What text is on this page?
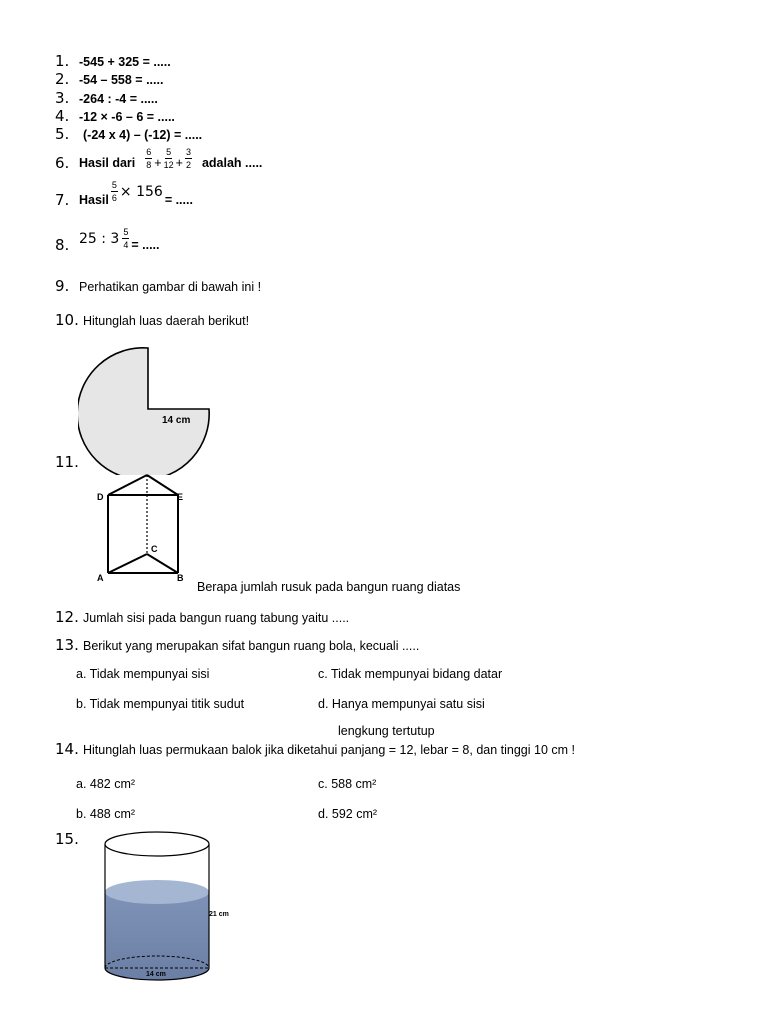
1. -545 + 325 = .....
2. -54 – 558 = .....
3. -264 : -4 = .....
4. -12 × -6 – 6 = .....
5.	(-24 x 4) – (-12) = .....
6. Hasil dari $\frac{6}{8} + \frac{5}{12} + \frac{3}{2}$ adalah .....
7. Hasil $\frac{5}{6} \times 156$ = .....
8. 25 : $3 \frac{5}{4}$ = .....
9. Perhatikan gambar di bawah ini !
10. Hitunglah luas daerah berikut!
14 cm
11.
D	E
C
A	B
Berapa jumlah rusuk pada bangun ruang diatas
12. Jumlah sisi pada bangun ruang tabung yaitu .....
13. Berikut yang merupakan sifat bangun ruang bola, kecuali .....
a. Tidak mempunyai sisi	c. Tidak mempunyai bidang datar
b. Tidak mempunyai titik sudut	d. Hanya mempunyai satu sisi
lengkung tertutup
14. Hitunglah luas permukaan balok jika diketahui panjang = 12, lebar = 8, dan tinggi 10 cm !
a. 482 cm²	c. 588 cm²
b. 488 cm²	d. 592 cm²
15.
14 cm
21 cm
